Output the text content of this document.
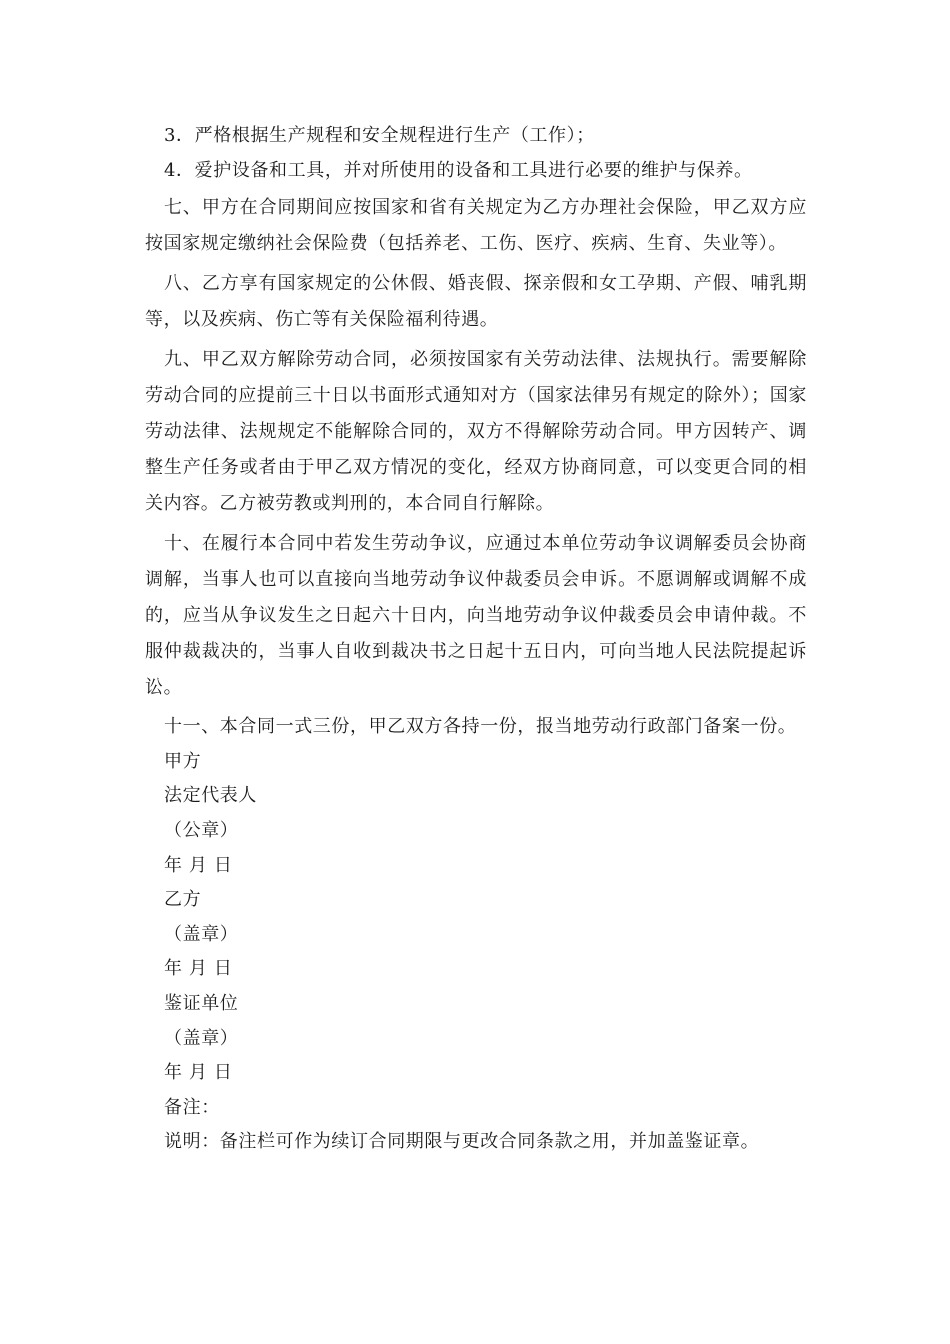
3．严格根据生产规程和安全规程进行生产（工作）；

4．爱护设备和工具，并对所使用的设备和工具进行必要的维护与保养。

七、甲方在合同期间应按国家和省有关规定为乙方办理社会保险，甲乙双方应按国家规定缴纳社会保险费（包括养老、工伤、医疗、疾病、生育、失业等）。

八、乙方享有国家规定的公休假、婚丧假、探亲假和女工孕期、产假、哺乳期等，以及疾病、伤亡等有关保险福利待遇。

九、甲乙双方解除劳动合同，必须按国家有关劳动法律、法规执行。需要解除劳动合同的应提前三十日以书面形式通知对方（国家法律另有规定的除外）；国家劳动法律、法规规定不能解除合同的，双方不得解除劳动合同。甲方因转产、调整生产任务或者由于甲乙双方情况的变化，经双方协商同意，可以变更合同的相关内容。乙方被劳教或判刑的，本合同自行解除。

十、在履行本合同中若发生劳动争议，应通过本单位劳动争议调解委员会协商调解，当事人也可以直接向当地劳动争议仲裁委员会申诉。不愿调解或调解不成的，应当从争议发生之日起六十日内，向当地劳动争议仲裁委员会申请仲裁。不服仲裁裁决的，当事人自收到裁决书之日起十五日内，可向当地人民法院提起诉讼。

十一、本合同一式三份，甲乙双方各持一份，报当地劳动行政部门备案一份。

甲方

法定代表人

（公章）

年 月 日

乙方

（盖章）

年 月 日

鉴证单位

（盖章）

年 月 日

备注：

说明：备注栏可作为续订合同期限与更改合同条款之用，并加盖鉴证章。
